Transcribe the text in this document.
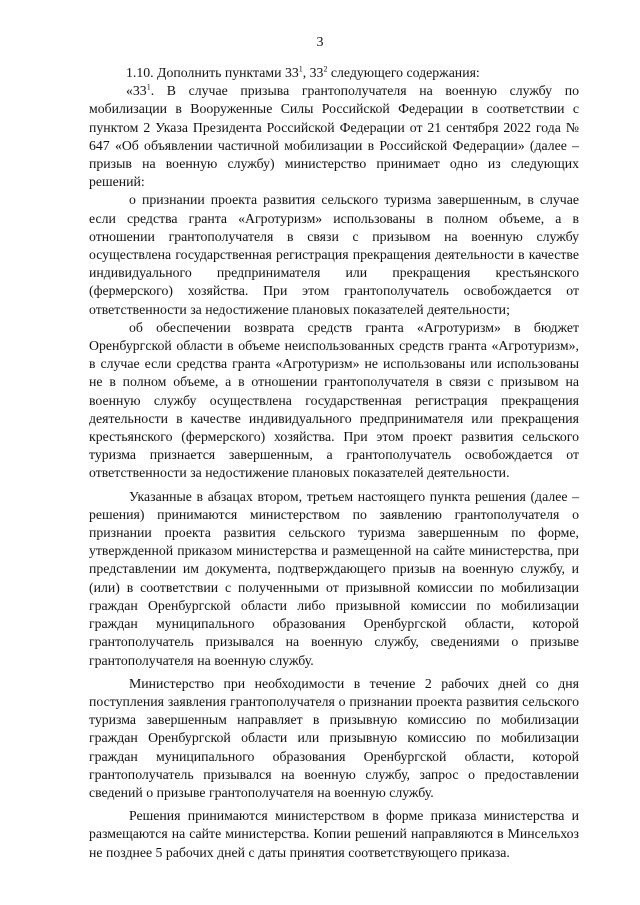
3

1.10. Дополнить пунктами $33^1$, $33^2$ следующего содержания:

«$33^1$. В случае призыва грантополучателя на военную службу по мобилизации в Вооруженные Силы Российской Федерации в соответствии с пунктом 2 Указа Президента Российской Федерации от 21 сентября 2022 года № 647 «Об объявлении частичной мобилизации в Российской Федерации» (далее – призыв на военную службу) министерство принимает одно из следующих решений:

о признании проекта развития сельского туризма завершенным, в случае если средства гранта «Агротуризм» использованы в полном объеме, а в отношении грантополучателя в связи с призывом на военную службу осуществлена государственная регистрация прекращения деятельности в качестве индивидуального предпринимателя или прекращения крестьянского (фермерского) хозяйства. При этом грантополучатель освобождается от ответственности за недостижение плановых показателей деятельности;

об обеспечении возврата средств гранта «Агротуризм» в бюджет Оренбургской области в объеме неиспользованных средств гранта «Агротуризм», в случае если средства гранта «Агротуризм» не использованы или использованы не в полном объеме, а в отношении грантополучателя в связи с призывом на военную службу осуществлена государственная регистрация прекращения деятельности в качестве индивидуального предпринимателя или прекращения крестьянского (фермерского) хозяйства. При этом проект развития сельского туризма признается завершенным, а грантополучатель освобождается от ответственности за недостижение плановых показателей деятельности.

Указанные в абзацах втором, третьем настоящего пункта решения (далее – решения) принимаются министерством по заявлению грантополучателя о признании проекта развития сельского туризма завершенным по форме, утвержденной приказом министерства и размещенной на сайте министерства, при представлении им документа, подтверждающего призыв на военную службу, и (или) в соответствии с полученными от призывной комиссии по мобилизации граждан Оренбургской области либо призывной комиссии по мобилизации граждан муниципального образования Оренбургской области, которой грантополучатель призывался на военную службу, сведениями о призыве грантополучателя на военную службу.

Министерство при необходимости в течение 2 рабочих дней со дня поступления заявления грантополучателя о признании проекта развития сельского туризма завершенным направляет в призывную комиссию по мобилизации граждан Оренбургской области или призывную комиссию по мобилизации граждан муниципального образования Оренбургской области, которой грантополучатель призывался на военную службу, запрос о предоставлении сведений о призыве грантополучателя на военную службу.

Решения принимаются министерством в форме приказа министерства и размещаются на сайте министерства. Копии решений направляются в Минсельхоз не позднее 5 рабочих дней с даты принятия соответствующего приказа.
